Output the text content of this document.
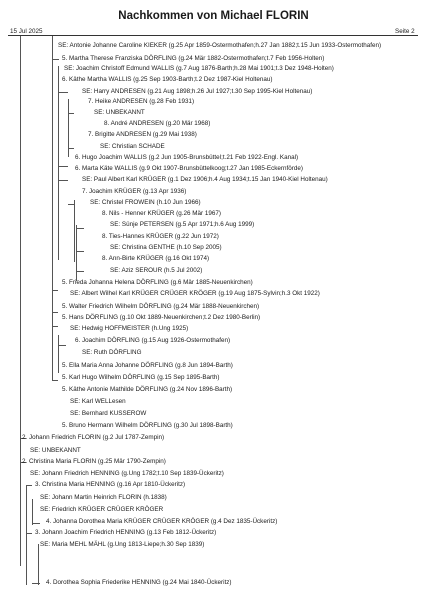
Nachkommen von Michael FLORIN
15 Jul 2025	Seite 2
SE: Antonie Johanne Caroline KIEKER (g.25 Apr 1859-Ostermothafen;h.27 Jan 1882;t.15 Jun 1933-Ostermothafen)
5. Martha Therese Franziska DÖRFLING (g.24 Mär 1882-Ostermothafen;t.7 Feb 1956-Holten)
SE: Joachim Christoff Edmund WALLIS (g.7 Aug 1876-Barth;h.28 Mai 1901;t.3 Dez 1948-Holten)
6. Käthe Martha WALLIS (g.25 Sep 1903-Barth;t.2 Dez 1987-Kiel Holtenau)
SE: Harry ANDRESEN (g.21 Aug 1898;h.26 Jul 1927;t.30 Sep 1995-Kiel Holtenau)
7. Heike ANDRESEN (g.28 Feb 1931)
SE: UNBEKANNT
8. André ANDRESEN (g.20 Mär 1968)
7. Brigitte ANDRESEN (g.29 Mai 1938)
SE: Christian SCHADE
6. Hugo Joachim WALLIS (g.2 Jun 1905-Brunsbüttel;t.21 Feb 1922-Engl. Kanal)
6. Marta Käte WALLIS (g.9 Okt 1907-Brunsbüttelkoog;t.27 Jan 1985-Eckernförde)
SE: Paul Albert Karl KRÜGER (g.1 Dez 1906;h.4 Aug 1934;t.15 Jan 1940-Kiel Holtenau)
7. Joachim KRÜGER (g.13 Apr 1936)
SE: Christel FROWEIN (h.10 Jun 1966)
8. Nils - Henner KRÜGER (g.26 Mär 1967)
SE: Sünje PETERSEN (g.5 Apr 1971;h.6 Aug 1999)
8. Ties-Hannes KRÜGER (g.22 Jun 1972)
SE: Christina GENTHE (h.10 Sep 2005)
8. Ann-Birte KRÜGER (g.16 Okt 1974)
SE: Aziz SEROUR (h.5 Jul 2002)
5. Frieda Johanna Helena DÖRFLING (g.6 Mär 1885-Neuenkirchen)
SE: Albert Wilhel Karl KRÜGER CRÜGER KRÖGER (g.19 Aug 1875-Sylvin;h.3 Okt 1922)
5. Walter Friedrich Wilhelm DÖRFLING (g.24 Mär 1888-Neuenkirchen)
5. Hans DÖRFLING (g.10 Okt 1889-Neuenkirchen;t.2 Dez 1980-Berlin)
SE: Hedwig HOFFMEISTER (h.Ung 1925)
6. Joachim DÖRFLING (g.15 Aug 1926-Ostermothafen)
SE: Ruth DÖRFLING
5. Ella Maria Anna Johanne DÖRFLING (g.8 Jun 1894-Barth)
5. Karl Hugo Wilhelm DÖRFLING (g.15 Sep 1895-Barth)
5. Käthe Antonie Mathilde DÖRFLING (g.24 Nov 1896-Barth)
SE: Karl WELLesen
SE: Bernhard KUSSEROW
5. Bruno Hermann Wilhelm DÖRFLING (g.30 Jul 1898-Barth)
2. Johann Friedrich FLORIN (g.2 Jul 1787-Zempin)
SE: UNBEKANNT
2. Christina Maria FLORIN (g.25 Mär 1790-Zempin)
SE: Johann Friedrich HENNING (g.Ung 1782;t.10 Sep 1839-Ückeritz)
3. Christina Maria HENNING (g.16 Apr 1810-Ückeritz)
SE: Johann Martin Heinrich FLORIN (h.1838)
SE: Friedrich KRÜGER CRÜGER KRÖGER
4. Johanna Dorothea Maria KRÜGER CRÜGER KRÖGER (g.4 Dez 1835-Ückeritz)
3. Johann Joachim Friedrich HENNING (g.13 Feb 1812-Ückeritz)
SE: Maria MEHL MÄHL (g.Ung 1813-Liepe;h.30 Sep 1839)
4. Dorothea Sophia Friederike HENNING (g.24 Mai 1840-Ückeritz)
